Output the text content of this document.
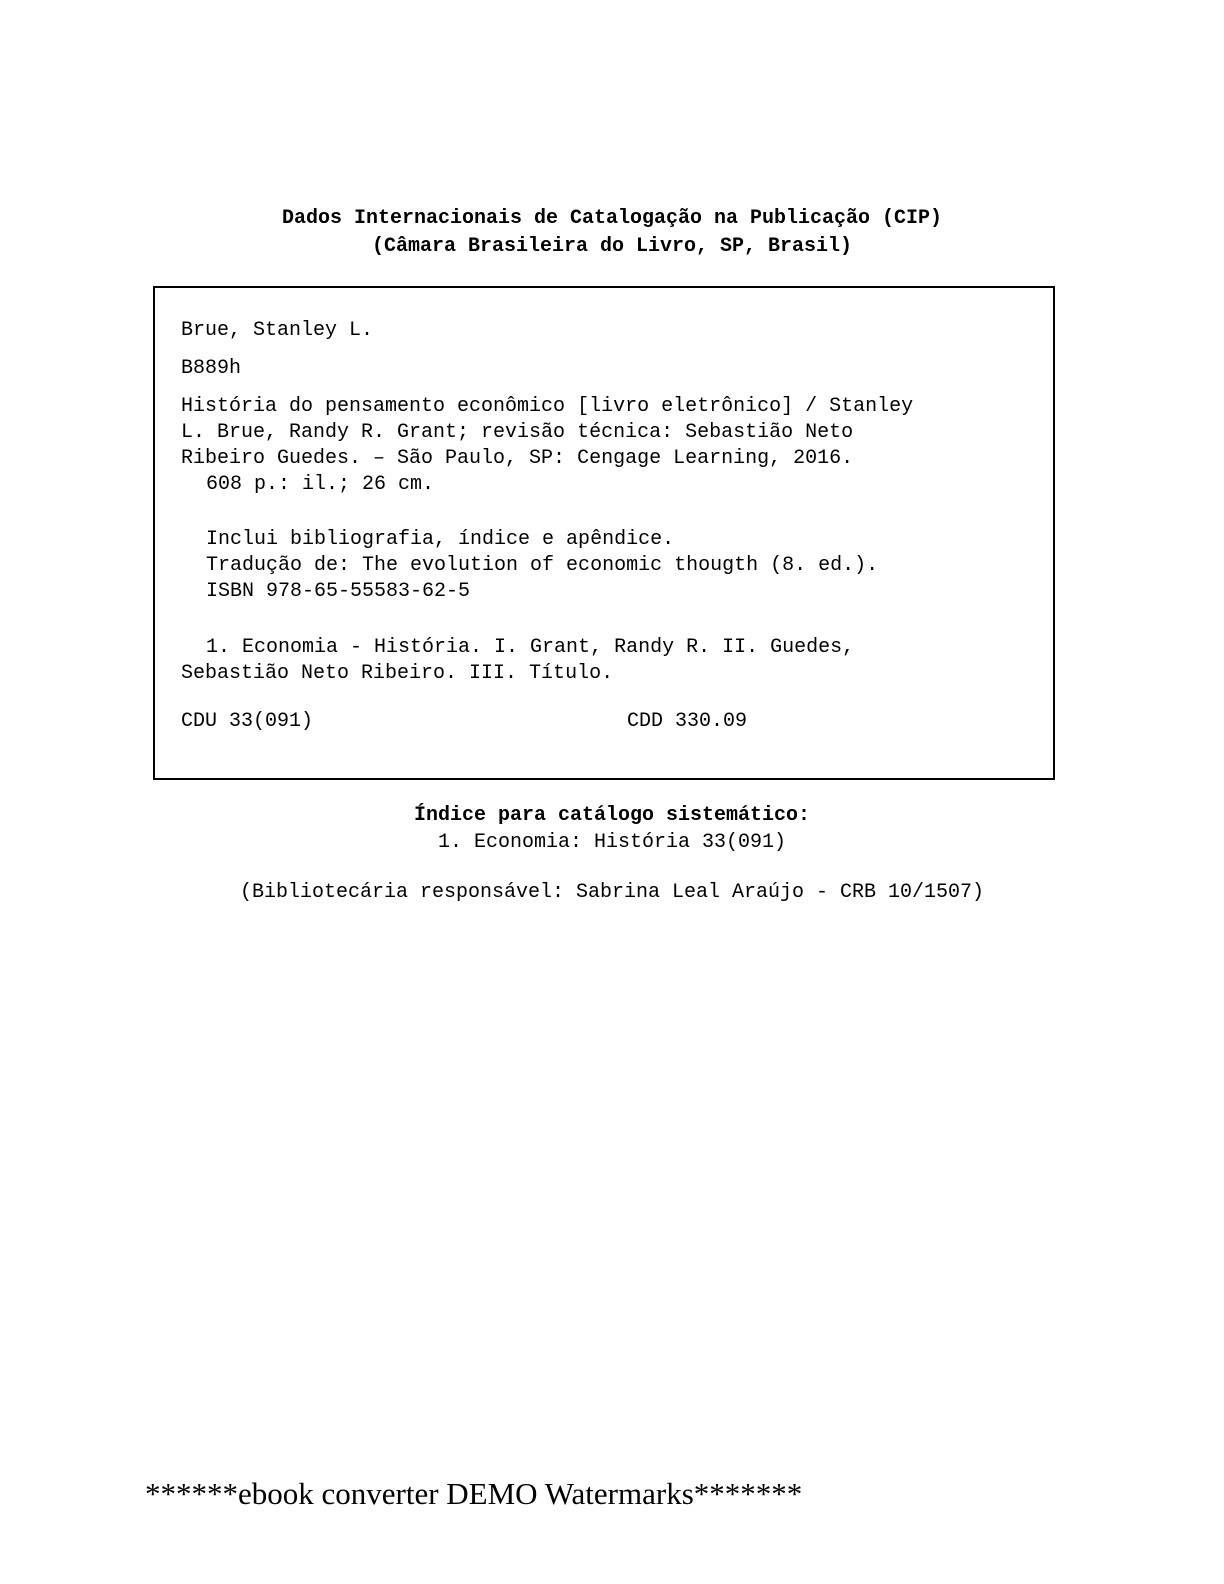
Dados Internacionais de Catalogação na Publicação (CIP)
(Câmara Brasileira do Livro, SP, Brasil)
Brue, Stanley L.
B889h
História do pensamento econômico [livro eletrônico] / Stanley
L. Brue, Randy R. Grant; revisão técnica: Sebastião Neto
Ribeiro Guedes. – São Paulo, SP: Cengage Learning, 2016.
608 p.: il.; 26 cm.
Inclui bibliografia, índice e apêndice.
Tradução de: The evolution of economic thougth (8. ed.).
ISBN 978-65-55583-62-5
1. Economia - História. I. Grant, Randy R. II. Guedes,
Sebastião Neto Ribeiro. III. Título.
CDU 33(091)	CDD 330.09
Índice para catálogo sistemático:
1. Economia: História 33(091)
(Bibliotecária responsável: Sabrina Leal Araújo - CRB 10/1507)
******ebook converter DEMO Watermarks*******
